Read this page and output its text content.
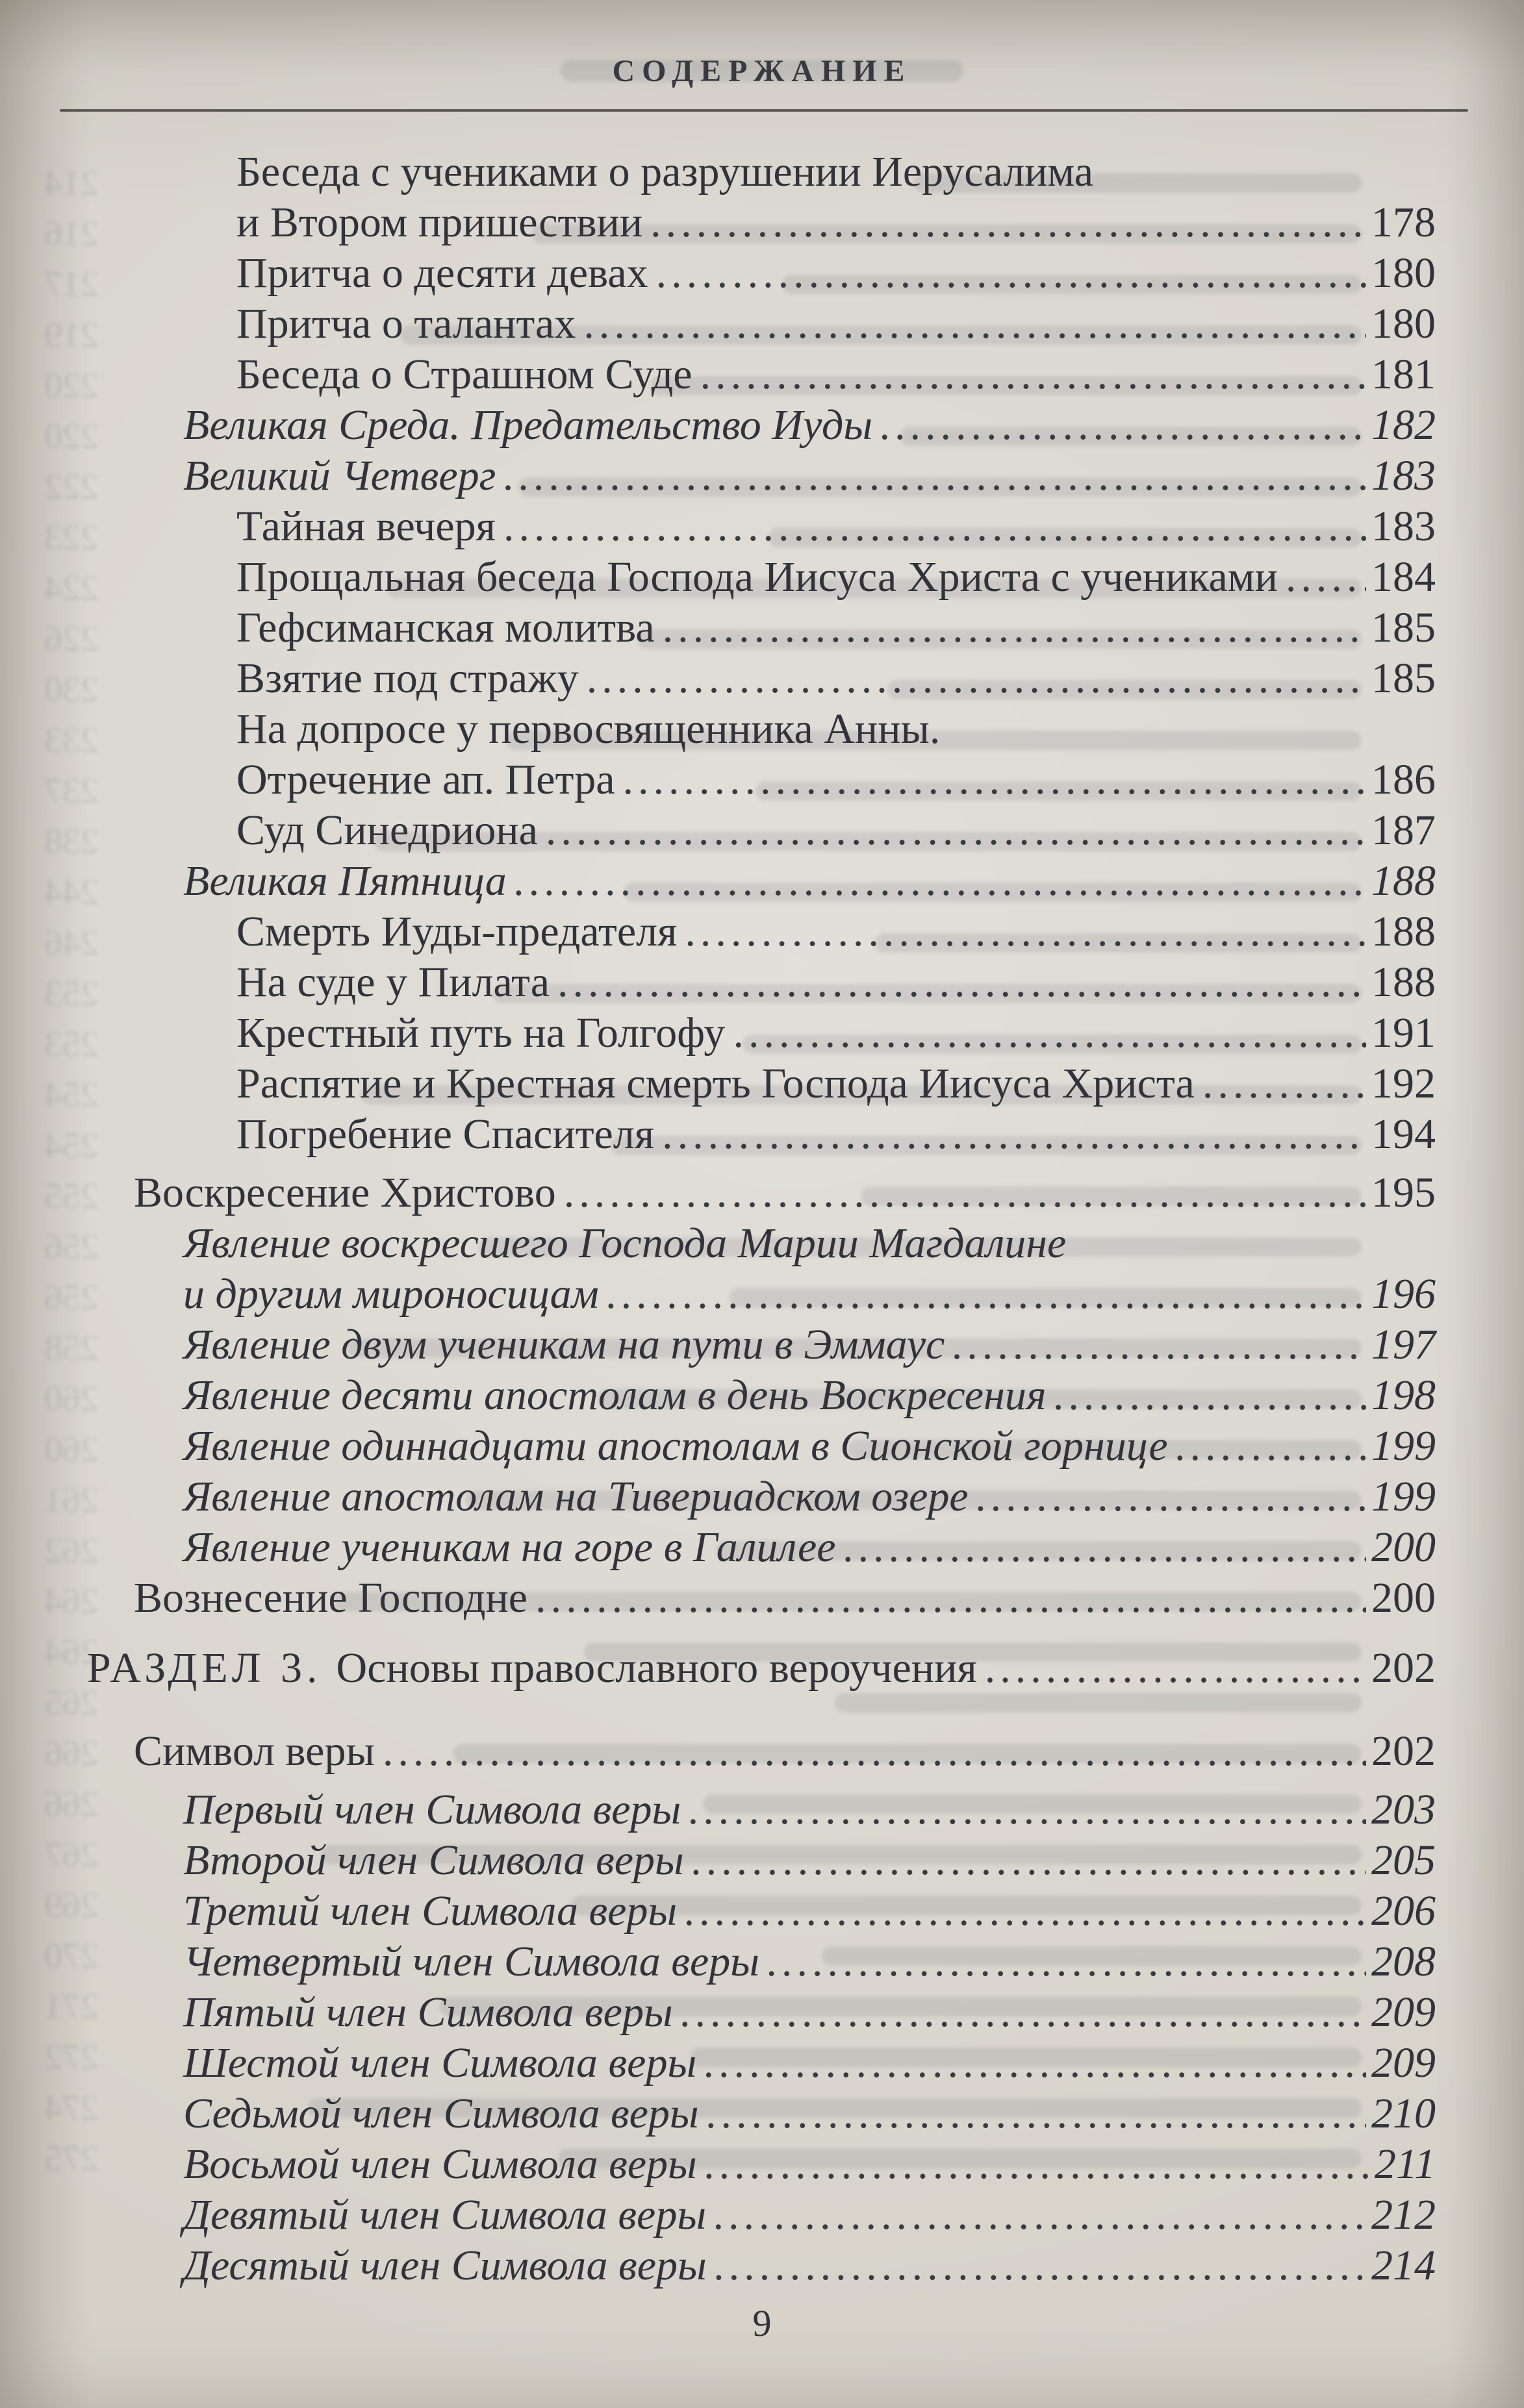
214
216
217
219
220
220
222
223
224
226
230
233
237
238
244
246
253
253
254
254
255
256
256
258
260
260
261
262
264
264
265
266
266
267
269
270
271
272
274
275
СОДЕРЖАНИЕ
Беседа с учениками о разрушении Иерусалима
и Втором пришествии .....	178
Притча о десяти девах .....	180
Притча о талантах .....	180
Беседа о Страшном Суде .....	181
Великая Среда. Предательство Иуды .....	182
Великий Четверг .....	183
Тайная вечеря .....	183
Прощальная беседа Господа Иисуса Христа с учениками ..... 184
Гефсиманская молитва .....	185
Взятие под стражу .....	185
На допросе у первосвященника Анны.
Отречение ап. Петра .....	186
Суд Синедриона .....	187
Великая Пятница .....	188
Смерть Иуды-предателя .....	188
На суде у Пилата .....	188
Крестный путь на Голгофу .....	191
Распятие и Крестная смерть Господа Иисуса Христа .....	192
Погребение Спасителя .....	194
Воскресение Христово .....	195
Явление воскресшего Господа Марии Магдалине
и другим мироносицам .....	196
Явление двум ученикам на пути в Эммаус .....	197
Явление десяти апостолам в день Воскресения .....	198
Явление одиннадцати апостолам в Сионской горнице .....	199
Явление апостолам на Тивериадском озере .....	199
Явление ученикам на горе в Галилее .....	200
Вознесение Господне .....	200
РАЗДЕЛ 3. Основы православного вероучения .....	202
Символ веры .....	202
Первый член Символа веры .....	203
Второй член Символа веры .....	205
Третий член Символа веры .....	206
Четвертый член Символа веры .....	208
Пятый член Символа веры .....	209
Шестой член Символа веры .....	209
Седьмой член Символа веры .....	210
Восьмой член Символа веры .....	211
Девятый член Символа веры .....	212
Десятый член Символа веры .....	214
9
